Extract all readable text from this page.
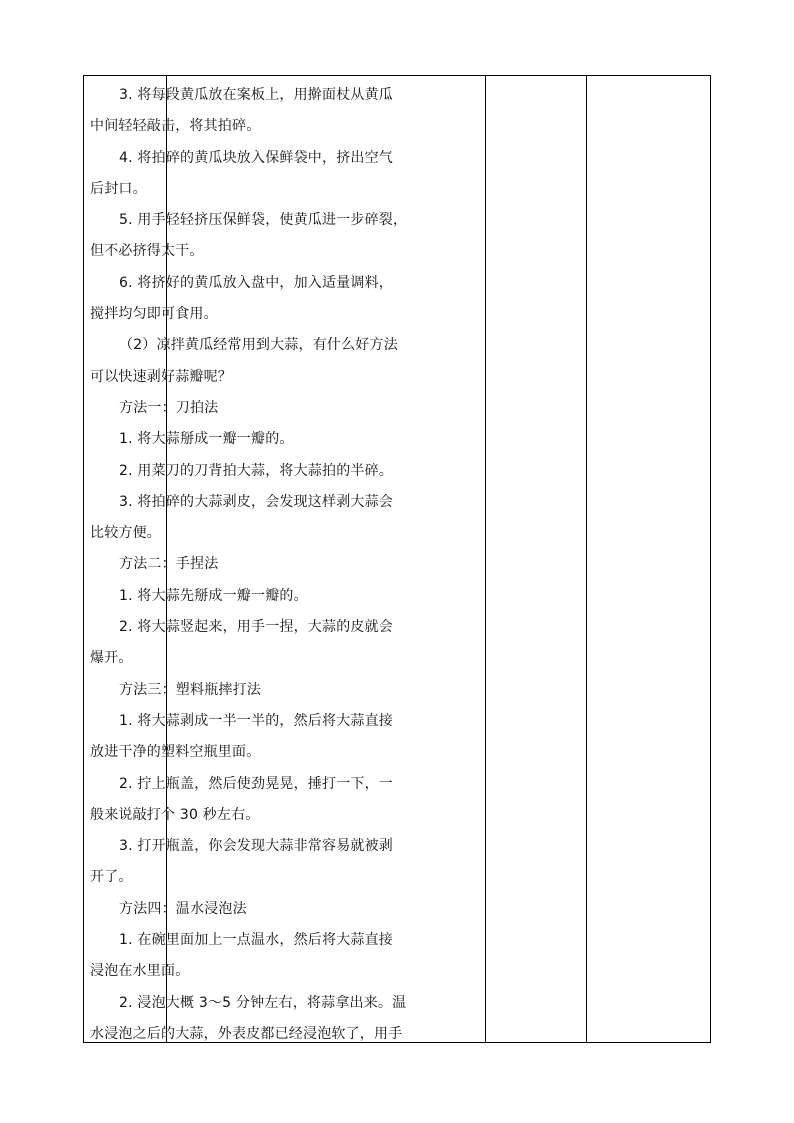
3. 将每段黄瓜放在案板上，用擀面杖从黄瓜

中间轻轻敲击，将其拍碎。

4. 将拍碎的黄瓜块放入保鲜袋中，挤出空气

后封口。

5. 用手轻轻挤压保鲜袋，使黄瓜进一步碎裂，

但不必挤得太干。

6. 将挤好的黄瓜放入盘中，加入适量调料，

搅拌均匀即可食用。

（2）凉拌黄瓜经常用到大蒜，有什么好方法

可以快速剥好蒜瓣呢？

方法一：刀拍法

1. 将大蒜掰成一瓣一瓣的。

2. 用菜刀的刀背拍大蒜，将大蒜拍的半碎。

3. 将拍碎的大蒜剥皮，会发现这样剥大蒜会

比较方便。

方法二：手捏法

1. 将大蒜先掰成一瓣一瓣的。

2. 将大蒜竖起来，用手一捏，大蒜的皮就会

爆开。

方法三：塑料瓶摔打法

1. 将大蒜剥成一半一半的，然后将大蒜直接

放进干净的塑料空瓶里面。

2. 拧上瓶盖，然后使劲晃晃，捶打一下，一

般来说敲打个 30 秒左右。

3. 打开瓶盖，你会发现大蒜非常容易就被剥

开了。

方法四：温水浸泡法

1. 在碗里面加上一点温水，然后将大蒜直接

浸泡在水里面。

2. 浸泡大概 3～5 分钟左右，将蒜拿出来。温

水浸泡之后的大蒜，外表皮都已经浸泡软了，用手
